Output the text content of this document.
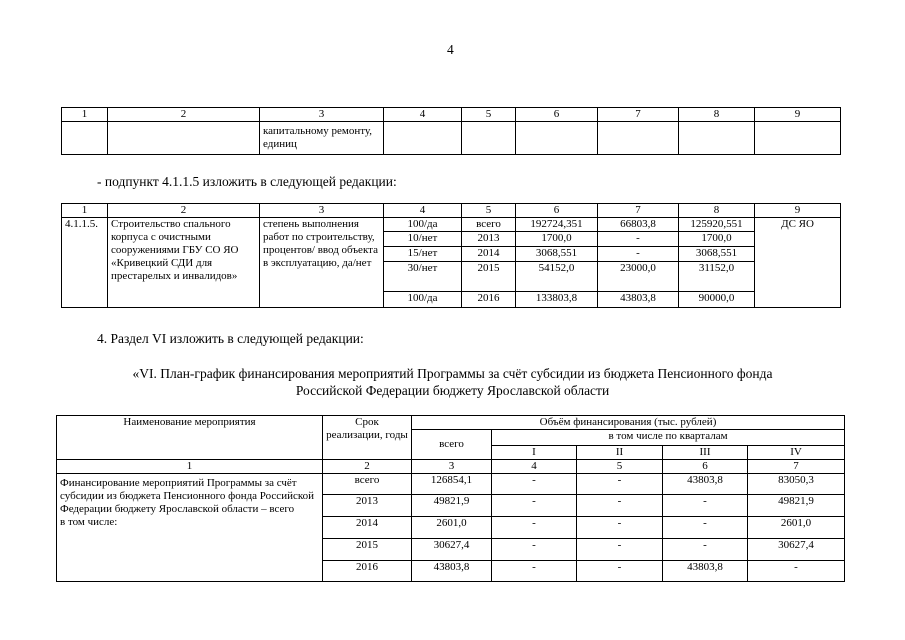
4
1	2	3	4	5	6	7	8	9
		капитальному ремонту, единиц						
- подпункт 4.1.1.5 изложить в следующей редакции:
1	2	3	4	5	6	7	8	9
4.1.1.5.	Строительство спального корпуса с очистными сооружениями ГБУ СО ЯО «Кривецкий СДИ для престарелых и инвалидов»	степень выполнения работ по строительству, процентов/ ввод объекта в эксплуатацию, да/нет	100/да	всего	192724,351	66803,8	125920,551	ДС ЯО
			10/нет	2013	1700,0	-	1700,0	
			15/нет	2014	3068,551	-	3068,551	
			30/нет	2015	54152,0	23000,0	31152,0	
			100/да	2016	133803,8	43803,8	90000,0	
4. Раздел VI изложить в следующей редакции:
«VI. План-график финансирования мероприятий Программы за счёт субсидии из бюджета Пенсионного фонда
Российской Федерации бюджету Ярославской области
Наименование мероприятия	Срок реализации, годы	Объём финансирования (тыс. рублей)				
		всего	в том числе по кварталам			
			I	II	III	IV
1	2	3	4	5	6	7

Финансирование мероприятий Программы за счёт субсидии из бюджета Пенсионного фонда Российской Федерации бюджету Ярославской области – всего
в том числе:	всего	126854,1	-	-	43803,8	83050,3
	2013	49821,9	-	-	-	49821,9
	2014	2601,0	-	-	-	2601,0
	2015	30627,4	-	-	-	30627,4
	2016	43803,8	-	-	43803,8	-
